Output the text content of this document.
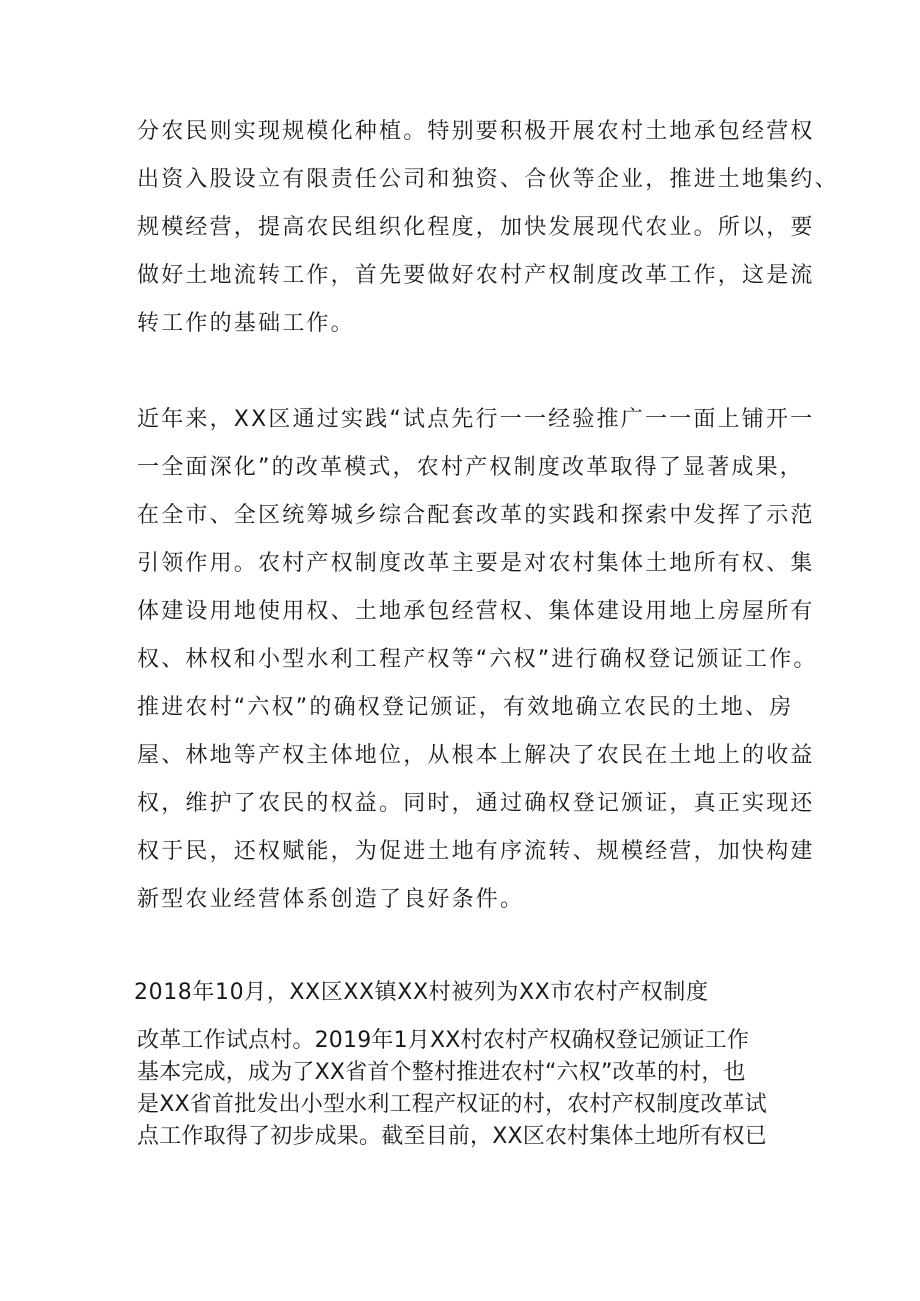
分农民则实现规模化种植。特别要积极开展农村土地承包经营权
出资入股设立有限责任公司和独资、合伙等企业，推进土地集约、
规模经营，提高农民组织化程度，加快发展现代农业。所以，要
做好土地流转工作，首先要做好农村产权制度改革工作，这是流
转工作的基础工作。
近年来，XX区通过实践“试点先行一一经验推广一一面上铺开一
一全面深化”的改革模式，农村产权制度改革取得了显著成果，
在全市、全区统筹城乡综合配套改革的实践和探索中发挥了示范
引领作用。农村产权制度改革主要是对农村集体土地所有权、集
体建设用地使用权、土地承包经营权、集体建设用地上房屋所有
权、林权和小型水利工程产权等“六权”进行确权登记颁证工作。
推进农村“六权”的确权登记颁证，有效地确立农民的土地、房
屋、林地等产权主体地位，从根本上解决了农民在土地上的收益
权，维护了农民的权益。同时，通过确权登记颁证，真正实现还
权于民，还权赋能，为促进土地有序流转、规模经营，加快构建
新型农业经营体系创造了良好条件。
2018年10月，XX区XX镇XX村被列为XX市农村产权制度
改革工作试点村。2019年1月XX村农村产权确权登记颁证工作
基本完成，成为了XX省首个整村推进农村“六权”改革的村，也
是XX省首批发出小型水利工程产权证的村，农村产权制度改革试
点工作取得了初步成果。截至目前，XX区农村集体土地所有权已
